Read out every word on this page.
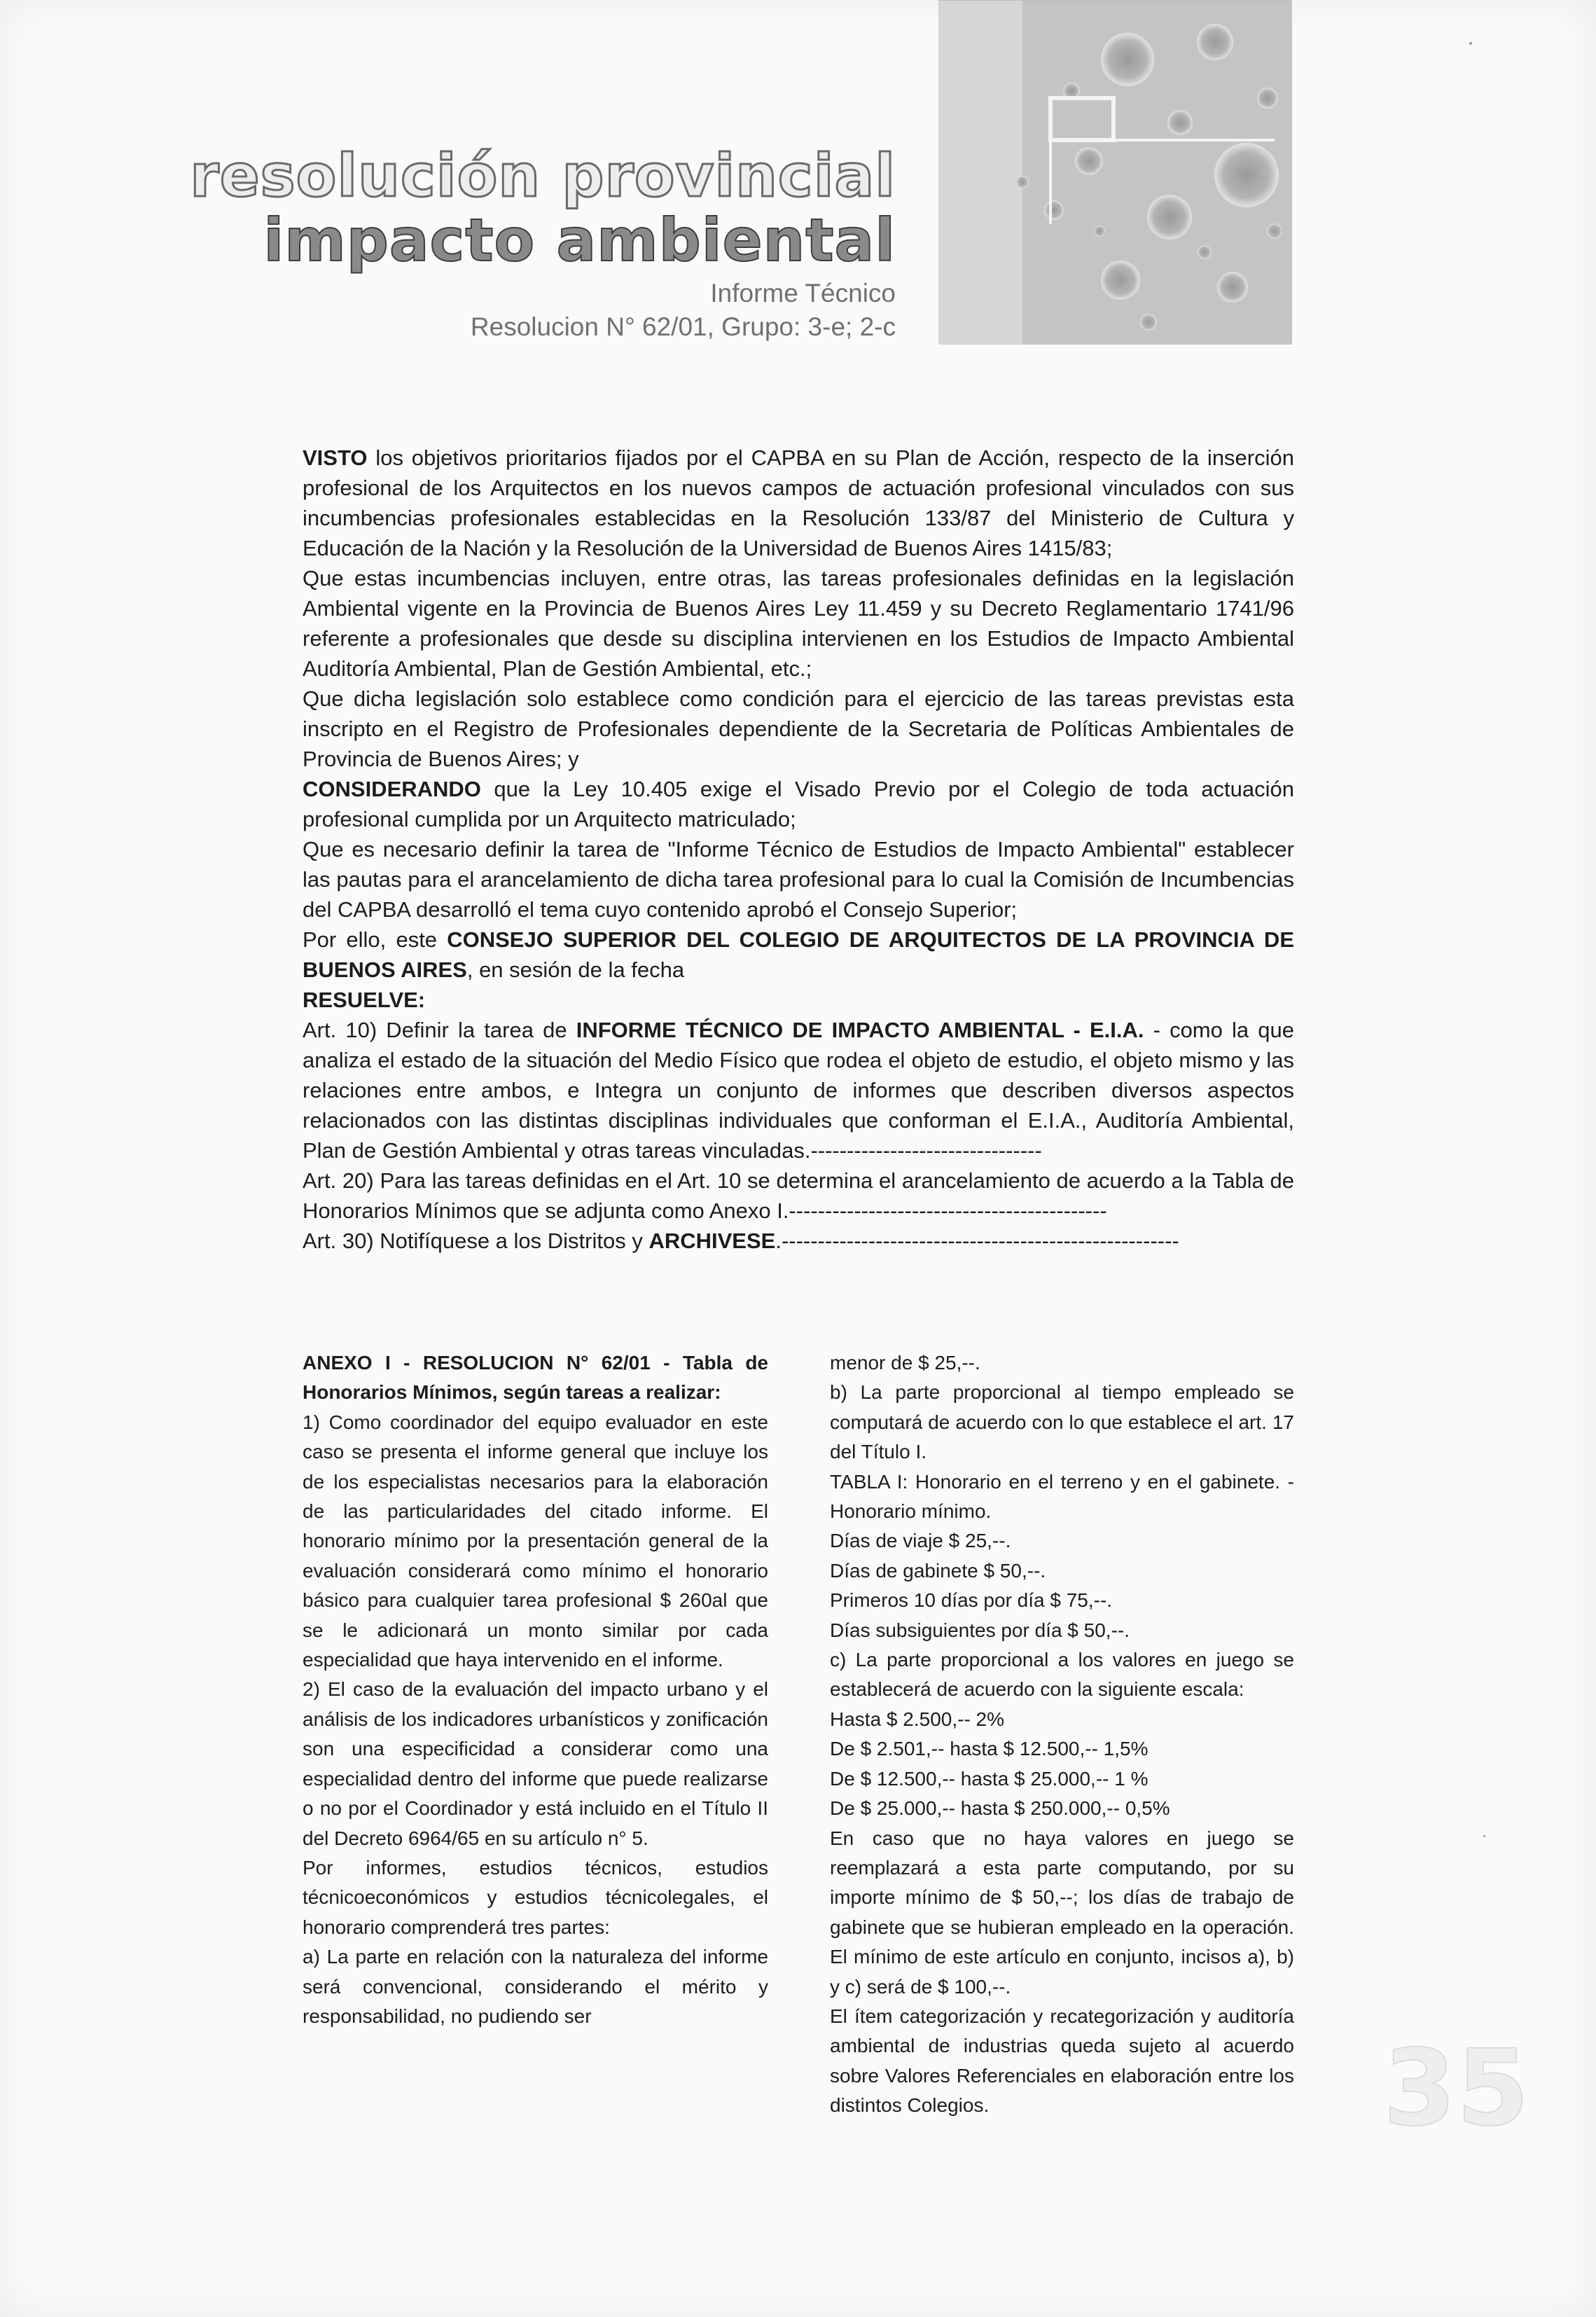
resolución provincial
impacto ambiental
Informe Técnico
Resolucion N° 62/01, Grupo: 3-e; 2-c

VISTO los objetivos prioritarios fijados por el CAPBA en su Plan de Acción, respecto de la inserción profesional de los Arquitectos en los nuevos campos de actuación profesional vinculados con sus incumbencias profesionales establecidas en la Resolución 133/87 del Ministerio de Cultura y Educación de la Nación y la Resolución de la Universidad de Buenos Aires 1415/83;

Que estas incumbencias incluyen, entre otras, las tareas profesionales definidas en la legislación Ambiental vigente en la Provincia de Buenos Aires Ley 11.459 y su Decreto Reglamentario 1741/96 referente a profesionales que desde su disciplina intervienen en los Estudios de Impacto Ambiental Auditoría Ambiental, Plan de Gestión Ambiental, etc.;

Que dicha legislación solo establece como condición para el ejercicio de las tareas previstas esta inscripto en el Registro de Profesionales dependiente de la Secretaria de Políticas Ambientales de Provincia de Buenos Aires; y

CONSIDERANDO que la Ley 10.405 exige el Visado Previo por el Colegio de toda actuación profesional cumplida por un Arquitecto matriculado;

Que es necesario definir la tarea de "Informe Técnico de Estudios de Impacto Ambiental" establecer las pautas para el arancelamiento de dicha tarea profesional para lo cual la Comisión de Incumbencias del CAPBA desarrolló el tema cuyo contenido aprobó el Consejo Superior;

Por ello, este CONSEJO SUPERIOR DEL COLEGIO DE ARQUITECTOS DE LA PROVINCIA DE BUENOS AIRES, en sesión de la fecha

RESUELVE:

Art. 10) Definir la tarea de INFORME TÉCNICO DE IMPACTO AMBIENTAL - E.I.A. - como la que analiza el estado de la situación del Medio Físico que rodea el objeto de estudio, el objeto mismo y las relaciones entre ambos, e Integra un conjunto de informes que describen diversos aspectos relacionados con las distintas disciplinas individuales que conforman el E.I.A., Auditoría Ambiental, Plan de Gestión Ambiental y otras tareas vinculadas.--------------------------------

Art. 20) Para las tareas definidas en el Art. 10 se determina el arancelamiento de acuerdo a la Tabla de Honorarios Mínimos que se adjunta como Anexo I.--------------------------------------------

Art. 30) Notifíquese a los Distritos y ARCHIVESE.-------------------------------------------------------

ANEXO I - RESOLUCION N° 62/01 - Tabla de Honorarios Mínimos, según tareas a realizar:

1) Como coordinador del equipo evaluador en este caso se presenta el informe general que incluye los de los especialistas necesarios para la elaboración de las particularidades del citado informe. El honorario mínimo por la presentación general de la evaluación considerará como mínimo el honorario básico para cualquier tarea profesional $ 260al que se le adicionará un monto similar por cada especialidad que haya intervenido en el informe.

2) El caso de la evaluación del impacto urbano y el análisis de los indicadores urbanísticos y zonificación son una especificidad a considerar como una especialidad dentro del informe que puede realizarse o no por el Coordinador y está incluido en el Título II del Decreto 6964/65 en su artículo n° 5.

Por informes, estudios técnicos, estudios técnicoeconómicos y estudios técnicolegales, el honorario comprenderá tres partes:

a) La parte en relación con la naturaleza del informe será convencional, considerando el mérito y responsabilidad, no pudiendo ser

menor de $ 25,--.

b) La parte proporcional al tiempo empleado se computará de acuerdo con lo que establece el art. 17 del Título I.

TABLA I: Honorario en el terreno y en el gabinete. - Honorario mínimo.

Días de viaje $ 25,--.

Días de gabinete $ 50,--.

Primeros 10 días por día $ 75,--.

Días subsiguientes por día $ 50,--.

c) La parte proporcional a los valores en juego se establecerá de acuerdo con la siguiente escala:

Hasta $ 2.500,-- 2%

De $ 2.501,-- hasta $ 12.500,-- 1,5%

De $ 12.500,-- hasta $ 25.000,-- 1 %

De $ 25.000,-- hasta $ 250.000,-- 0,5%

En caso que no haya valores en juego se reemplazará a esta parte computando, por su importe mínimo de $ 50,--; los días de trabajo de gabinete que se hubieran empleado en la operación. El mínimo de este artículo en conjunto, incisos a), b) y c) será de $ 100,--.

El ítem categorización y recategorización y auditoría ambiental de industrias queda sujeto al acuerdo sobre Valores Referenciales en elaboración entre los distintos Colegios.	35
